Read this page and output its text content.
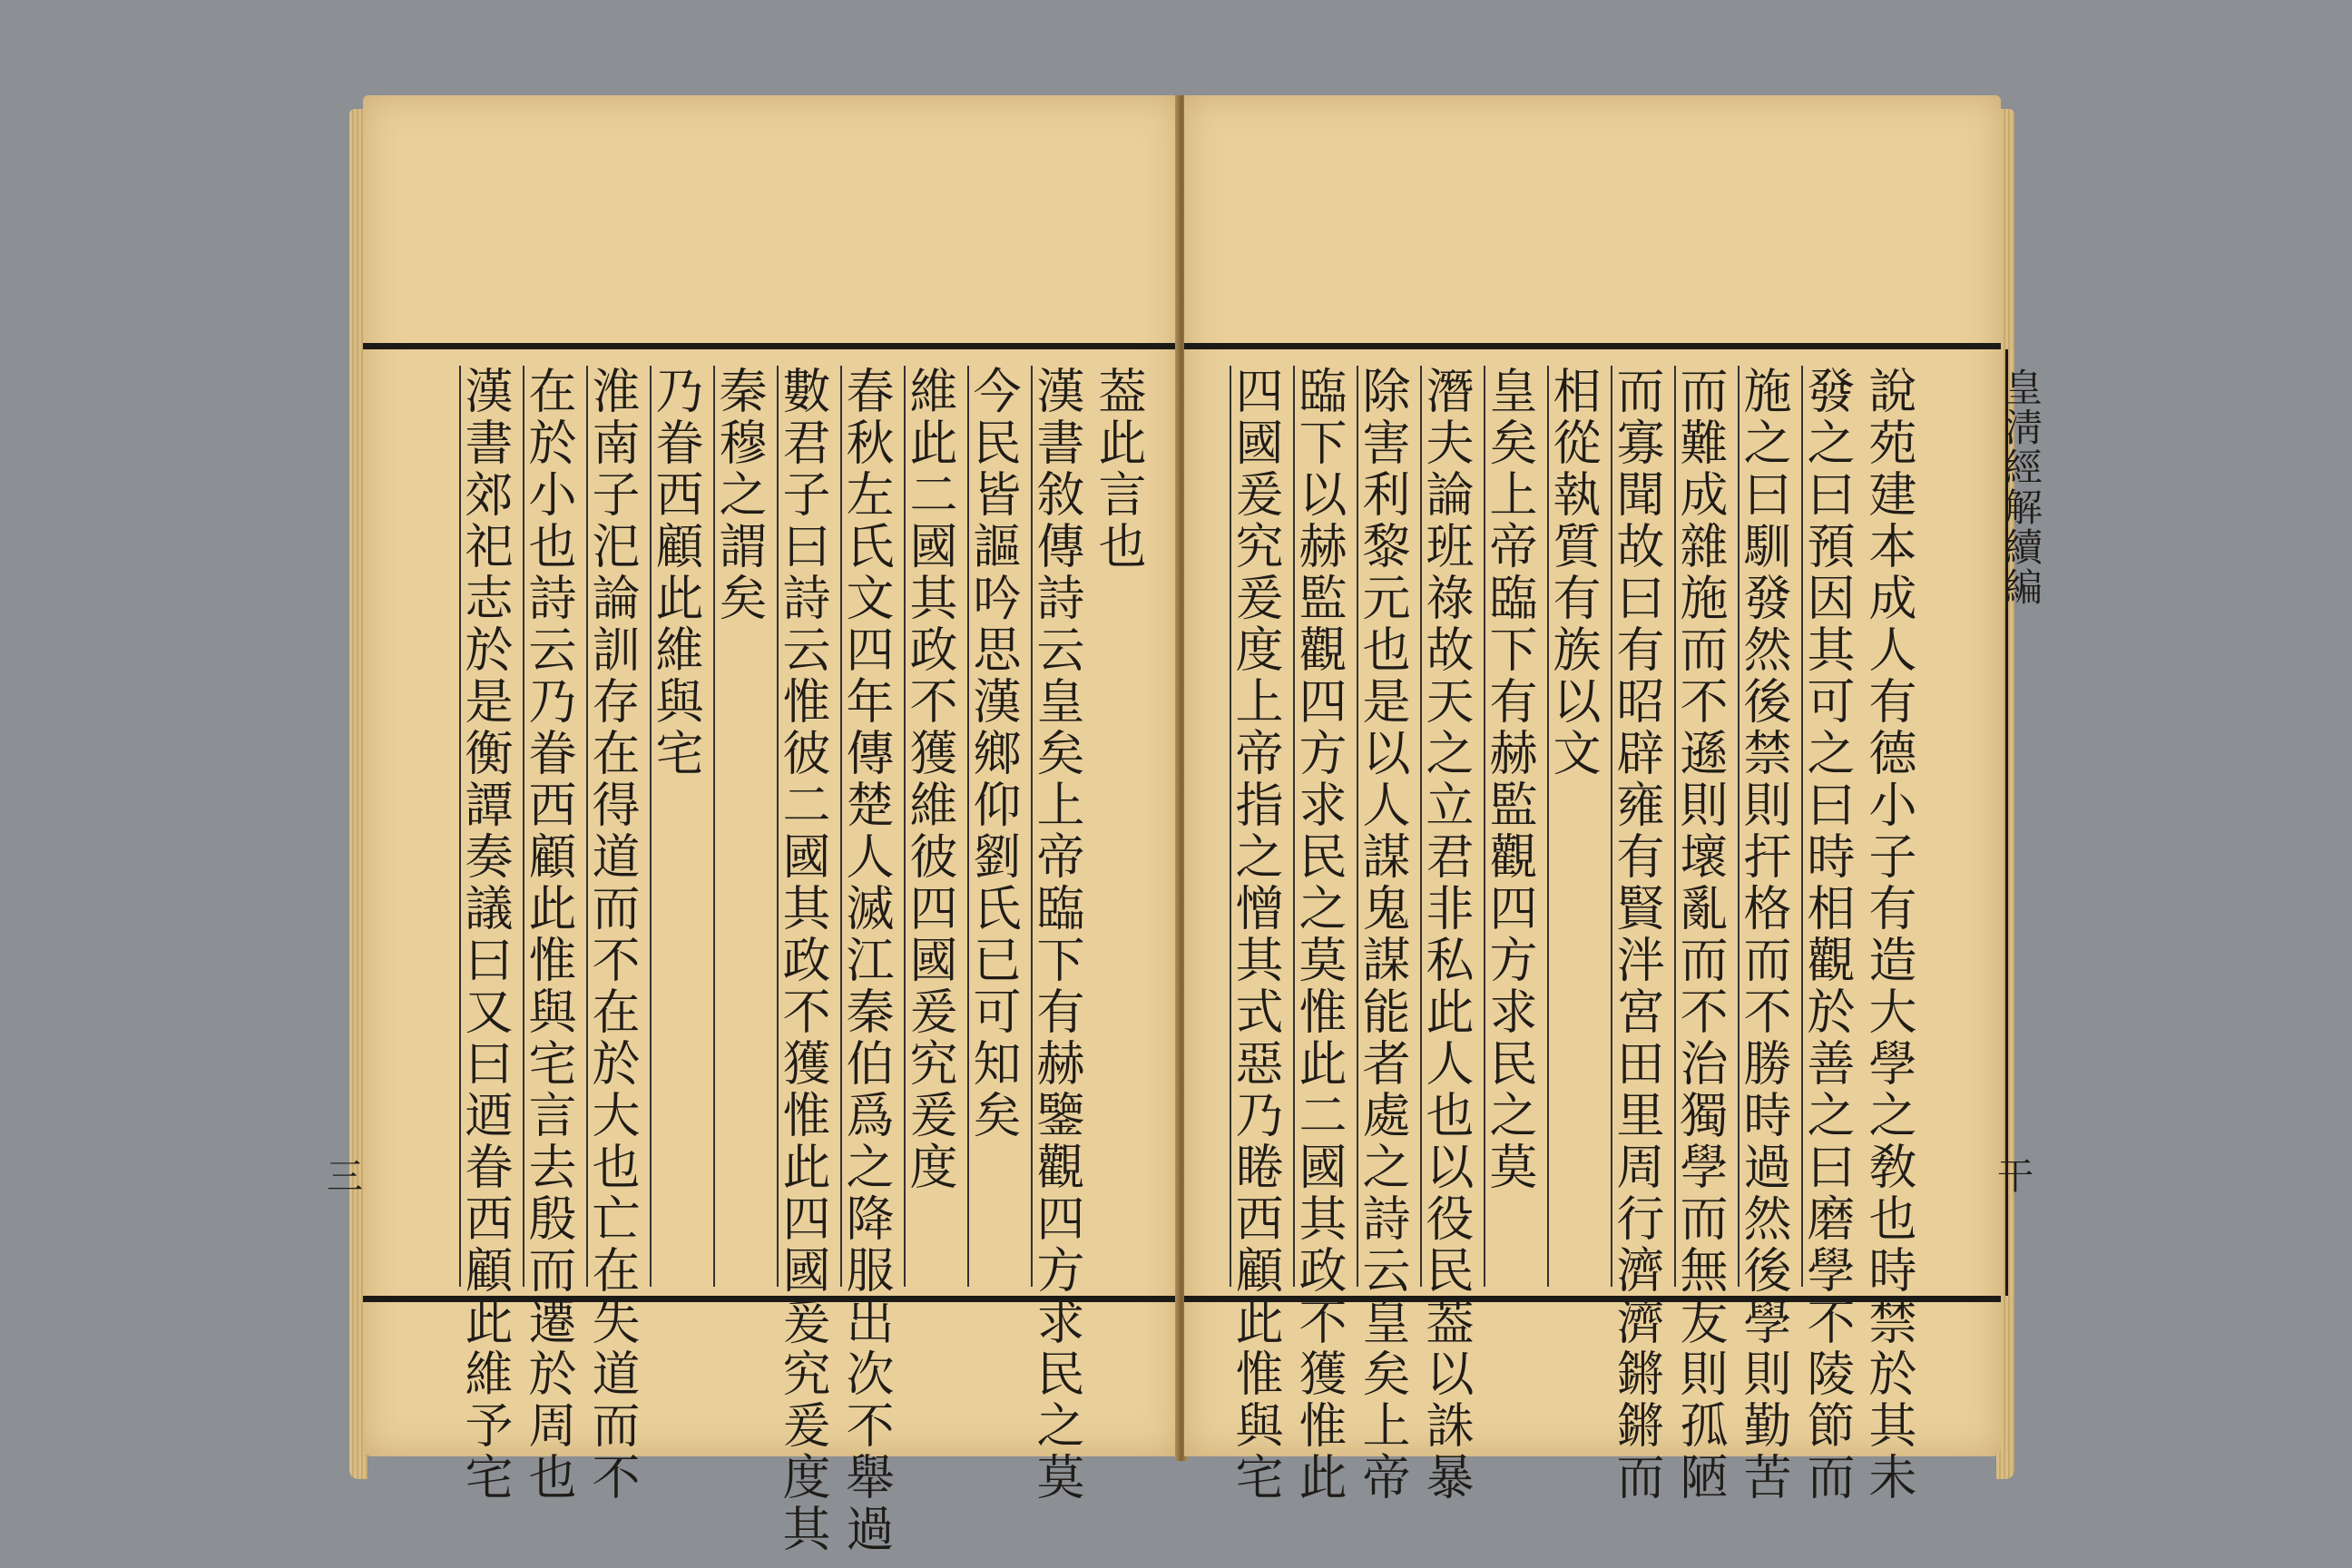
葢此言也
漢書敘傳詩云皇矣上帝臨下有赫鑒觀四方求民之莫
今民皆謳吟思漢鄉仰劉氏已可知矣
維此二國其政不獲維彼四國爰究爰度
春秋左氏文四年傳楚人滅江秦伯爲之降服出次不舉過
數君子曰詩云惟彼二國其政不獲惟此四國爰究爰度其
秦穆之謂矣
乃眷西顧此維與宅
淮南子汜論訓存在得道而不在於大也亡在失道而不
在於小也詩云乃眷西顧此惟與宅言去殷而遷於周也
漢書郊祀志於是衡譚奏議曰又曰迺眷西顧此維予宅
三	說苑建本成人有德小子有造大學之敎也時禁於其未
發之曰預因其可之曰時相觀於善之曰磨學不陵節而
施之曰馴發然後禁則扞格而不勝時過然後學則勤苦
而難成雜施而不遜則壞亂而不治獨學而無友則孤陋
而寡聞故曰有昭辟雍有賢泮宮田里周行濟濟鏘鏘而
相從執質有族以文
皇矣上帝臨下有赫監觀四方求民之莫
潛夫論班祿故天之立君非私此人也以役民葢以誅暴
除害利黎元也是以人謀鬼謀能者處之詩云皇矣上帝
臨下以赫監觀四方求民之莫惟此二國其政不獲惟此
四國爰究爰度上帝指之憎其式惡乃睠西顧此惟與宅	皇淸經解續編
干
